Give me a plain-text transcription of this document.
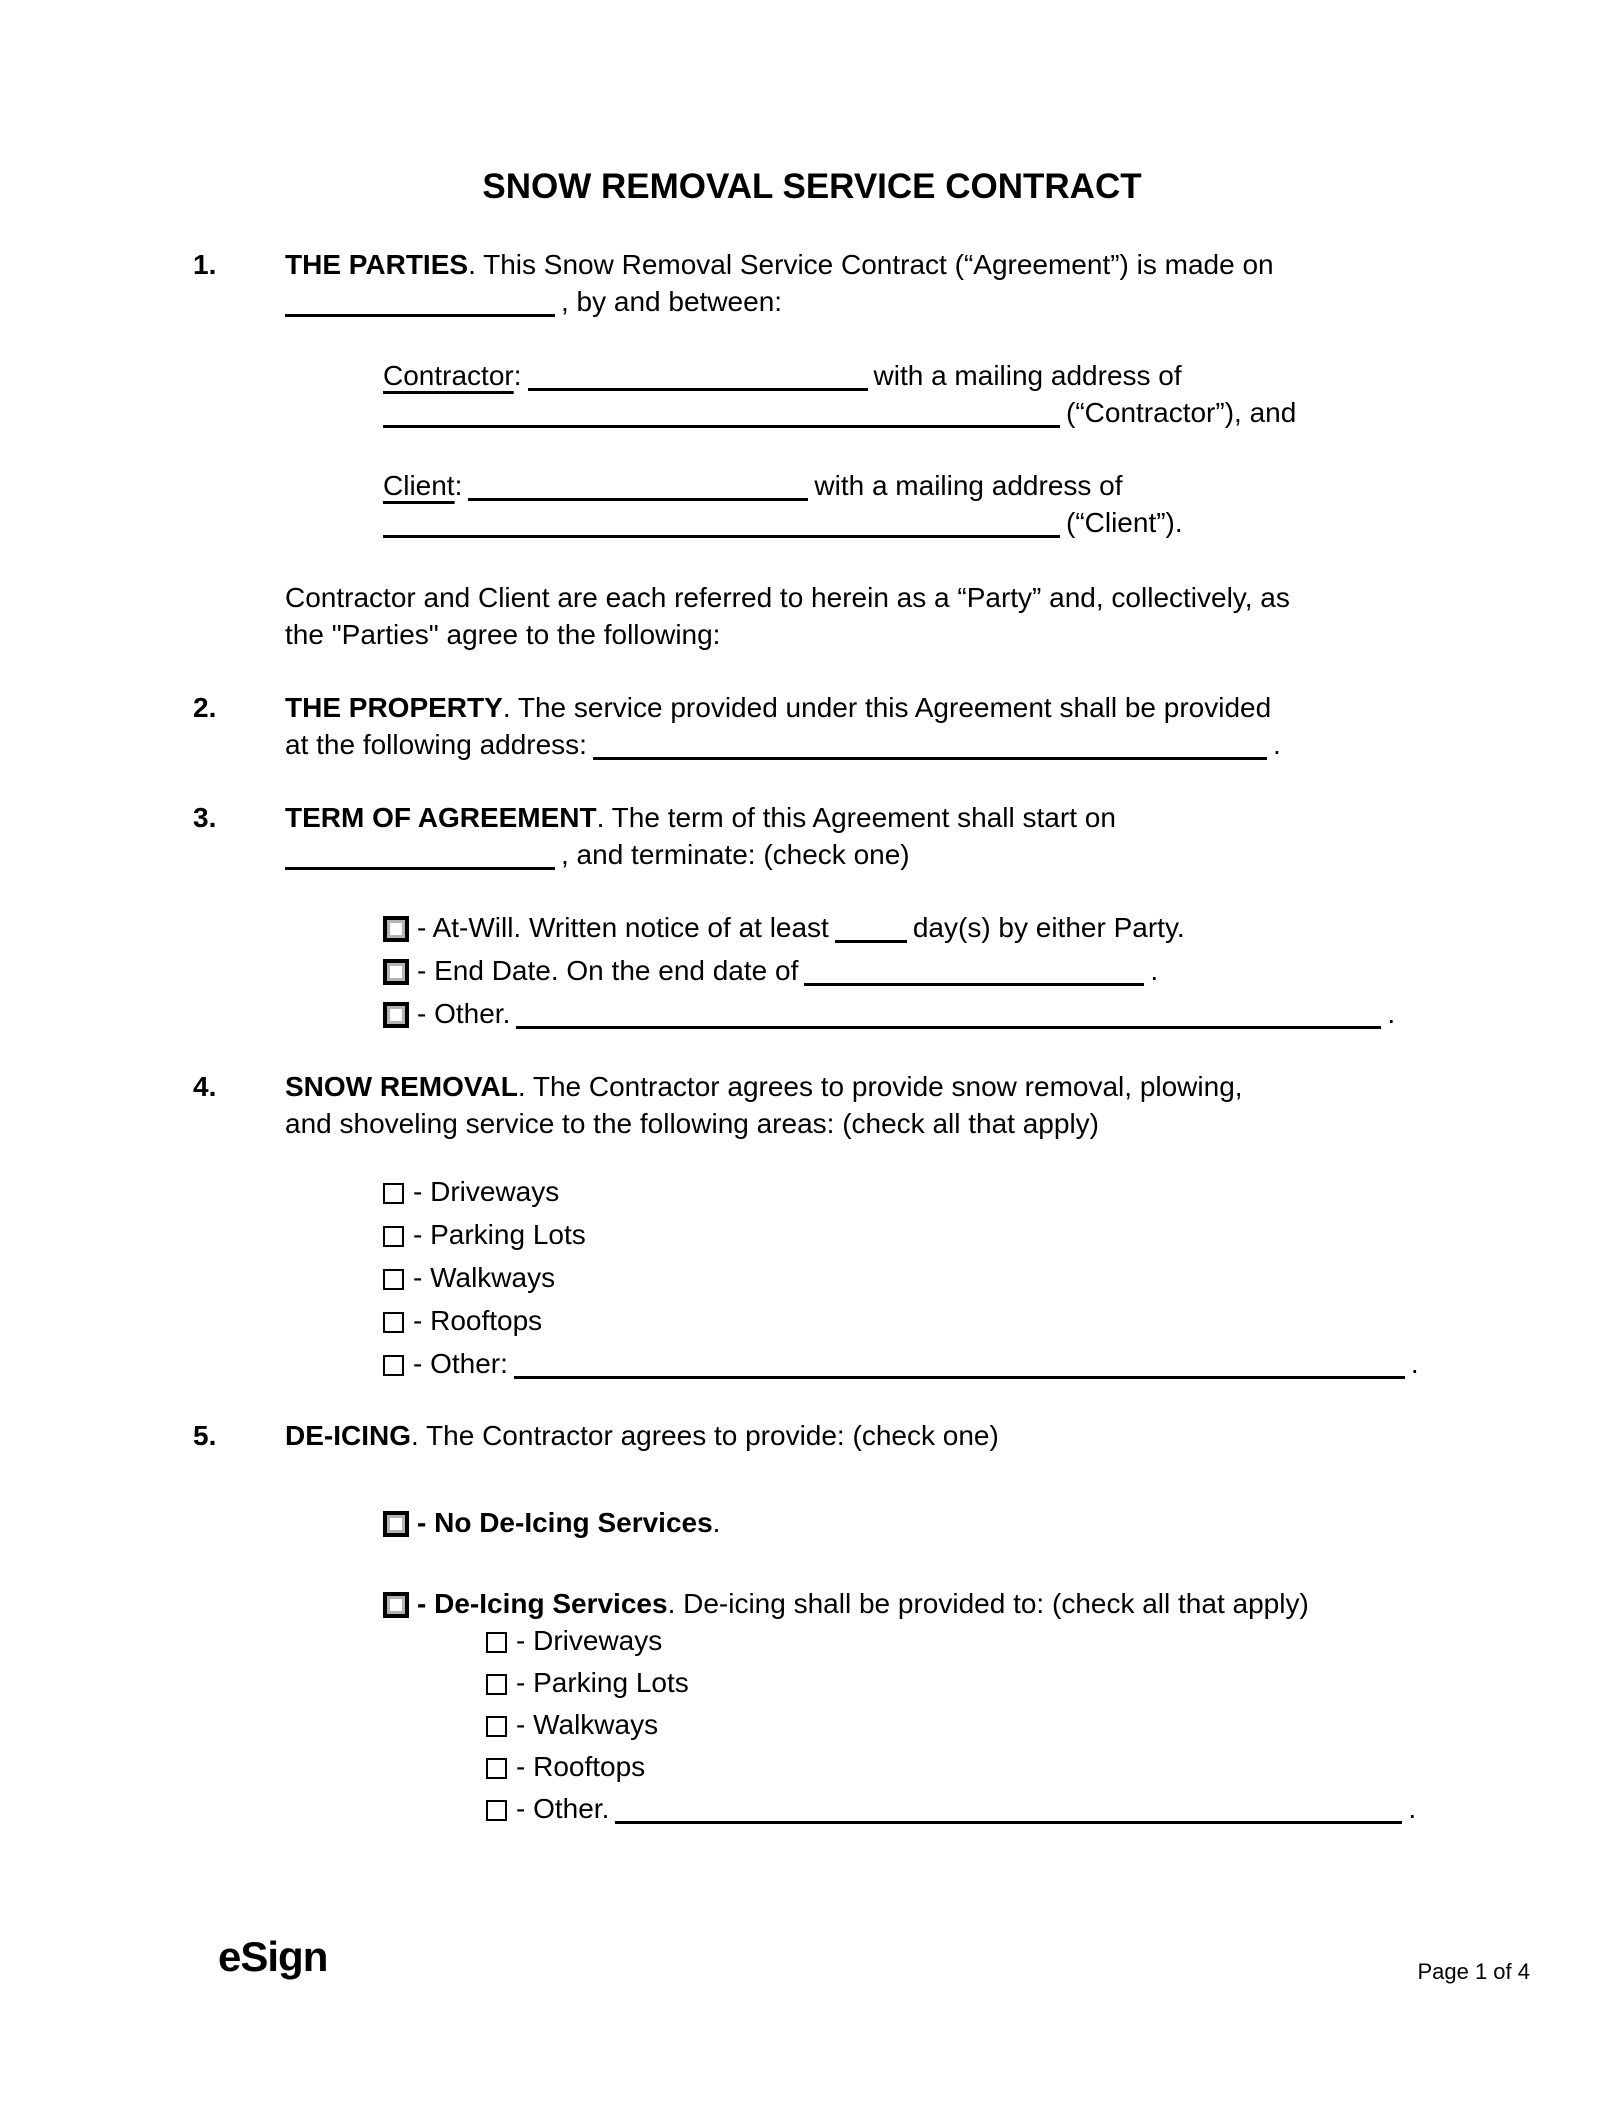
SNOW REMOVAL SERVICE CONTRACT
1.	THE PARTIES. This Snow Removal Service Contract (“Agreement”) is made on
, by and between:
Contractor:	with a mailing address of
(“Contractor”), and
Client:	with a mailing address of
(“Client”).
Contractor and Client are each referred to herein as a “Party” and, collectively, as
the "Parties" agree to the following:
2.	THE PROPERTY. The service provided under this Agreement shall be provided
at the following address:	.
3.	TERM OF AGREEMENT. The term of this Agreement shall start on
, and terminate: (check one)
- At-Will. Written notice of at least	day(s) by either Party.
- End Date. On the end date of	.
- Other.	.
4.	SNOW REMOVAL. The Contractor agrees to provide snow removal, plowing,
and shoveling service to the following areas: (check all that apply)
- Driveways
- Parking Lots
- Walkways
- Rooftops
- Other:	.
5.	DE-ICING. The Contractor agrees to provide: (check one)
- No De-Icing Services.
- De-Icing Services. De-icing shall be provided to: (check all that apply)
- Driveways
- Parking Lots
- Walkways
- Rooftops
- Other.	.
eSign	Page 1 of 4
